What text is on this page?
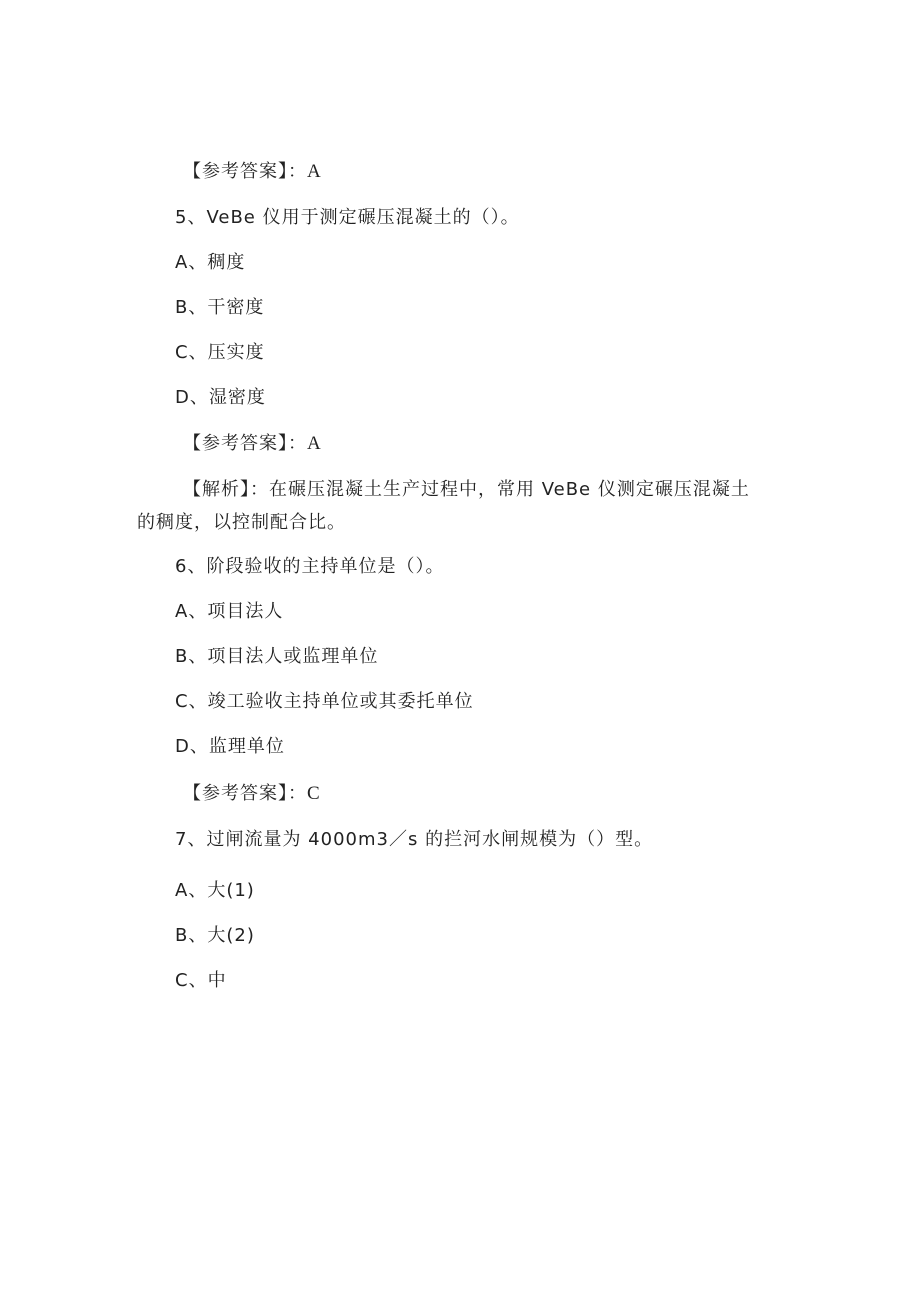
【参考答案】：A
5、VeBe 仪用于测定碾压混凝土的（）。
A、稠度
B、干密度
C、压实度
D、湿密度
【参考答案】：A
【解析】：在碾压混凝土生产过程中，常用 VeBe 仪测定碾压混凝土
的稠度，以控制配合比。
6、阶段验收的主持单位是（）。
A、项目法人
B、项目法人或监理单位
C、竣工验收主持单位或其委托单位
D、监理单位
【参考答案】：C
7、过闸流量为 4000m3／s 的拦河水闸规模为（）型。
A、大(1)
B、大(2)
C、中
